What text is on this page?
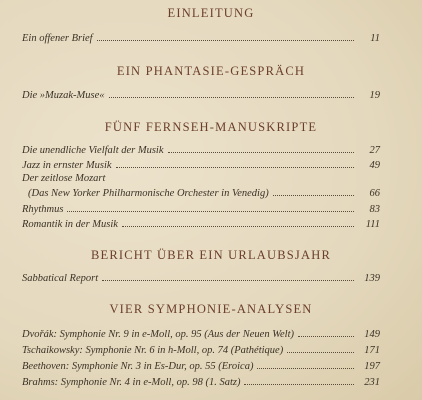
EINLEITUNG
Ein offener Brief	11
EIN PHANTASIE-GESPRÄCH
Die »Muzak-Muse«	19
FÜNF FERNSEH-MANUSKRIPTE
Die unendliche Vielfalt der Musik	27
Jazz in ernster Musik	49
Der zeitlose Mozart
(Das New Yorker Philharmonische Orchester in Venedig)	66
Rhythmus	83
Romantik in der Musik	111
BERICHT ÜBER EIN URLAUBSJAHR
Sabbatical Report	139
VIER SYMPHONIE-ANALYSEN
Dvořák: Symphonie Nr. 9 in e-Moll, op. 95 (Aus der Neuen Welt)	149
Tschaikowsky: Symphonie Nr. 6 in h-Moll, op. 74 (Pathétique)	171
Beethoven: Symphonie Nr. 3 in Es-Dur, op. 55 (Eroica)	197
Brahms: Symphonie Nr. 4 in e-Moll, op. 98 (1. Satz)	231
